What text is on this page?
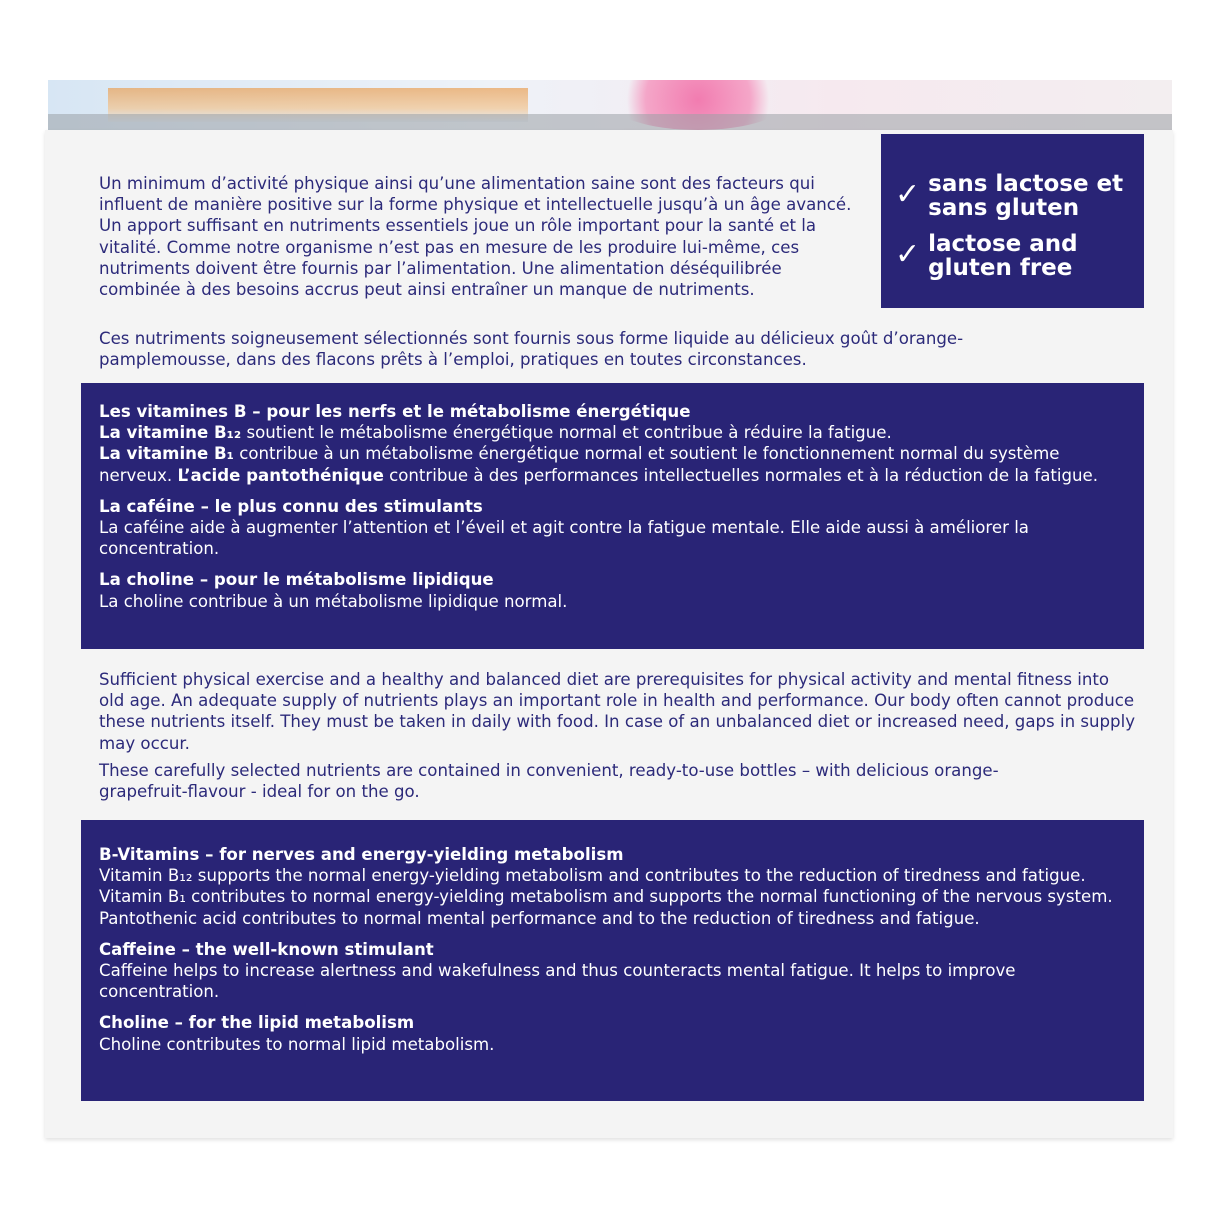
Un minimum d’activité physique ainsi qu’une alimentation saine sont des facteurs qui influent de manière positive sur la forme physique et intellectuelle jusqu’à un âge avancé. Un apport suffisant en nutriments essentiels joue un rôle important pour la santé et la vitalité. Comme notre organisme n’est pas en mesure de les produire lui-même, ces nutriments doivent être fournis par l’alimentation. Une alimentation déséquilibrée combinée à des besoins accrus peut ainsi entraîner un manque de nutriments.

Ces nutriments soigneusement sélectionnés sont fournis sous forme liquide au délicieux goût d’orange-pamplemousse, dans des flacons prêts à l’emploi, pratiques en toutes circonstances.

✓ sans lactose et sans gluten
✓ lactose and gluten free

Les vitamines B – pour les nerfs et le métabolisme énergétique
La vitamine B₁₂ soutient le métabolisme énergétique normal et contribue à réduire la fatigue.
La vitamine B₁ contribue à un métabolisme énergétique normal et soutient le fonctionnement normal du système nerveux. L’acide pantothénique contribue à des performances intellectuelles normales et à la réduction de la fatigue.

La caféine – le plus connu des stimulants
La caféine aide à augmenter l’attention et l’éveil et agit contre la fatigue mentale. Elle aide aussi à améliorer la concentration.

La choline – pour le métabolisme lipidique
La choline contribue à un métabolisme lipidique normal.

Sufficient physical exercise and a healthy and balanced diet are prerequisites for physical activity and mental fitness into old age. An adequate supply of nutrients plays an important role in health and performance. Our body often cannot produce these nutrients itself. They must be taken in daily with food. In case of an unbalanced diet or increased need, gaps in supply may occur.

These carefully selected nutrients are contained in convenient, ready-to-use bottles – with delicious orange-grapefruit-flavour - ideal for on the go.

B-Vitamins – for nerves and energy-yielding metabolism
Vitamin B₁₂ supports the normal energy-yielding metabolism and contributes to the reduction of tiredness and fatigue. Vitamin B₁ contributes to normal energy-yielding metabolism and supports the normal functioning of the nervous system. Pantothenic acid contributes to normal mental performance and to the reduction of tiredness and fatigue.

Caffeine – the well-known stimulant
Caffeine helps to increase alertness and wakefulness and thus counteracts mental fatigue. It helps to improve concentration.

Choline – for the lipid metabolism
Choline contributes to normal lipid metabolism.
